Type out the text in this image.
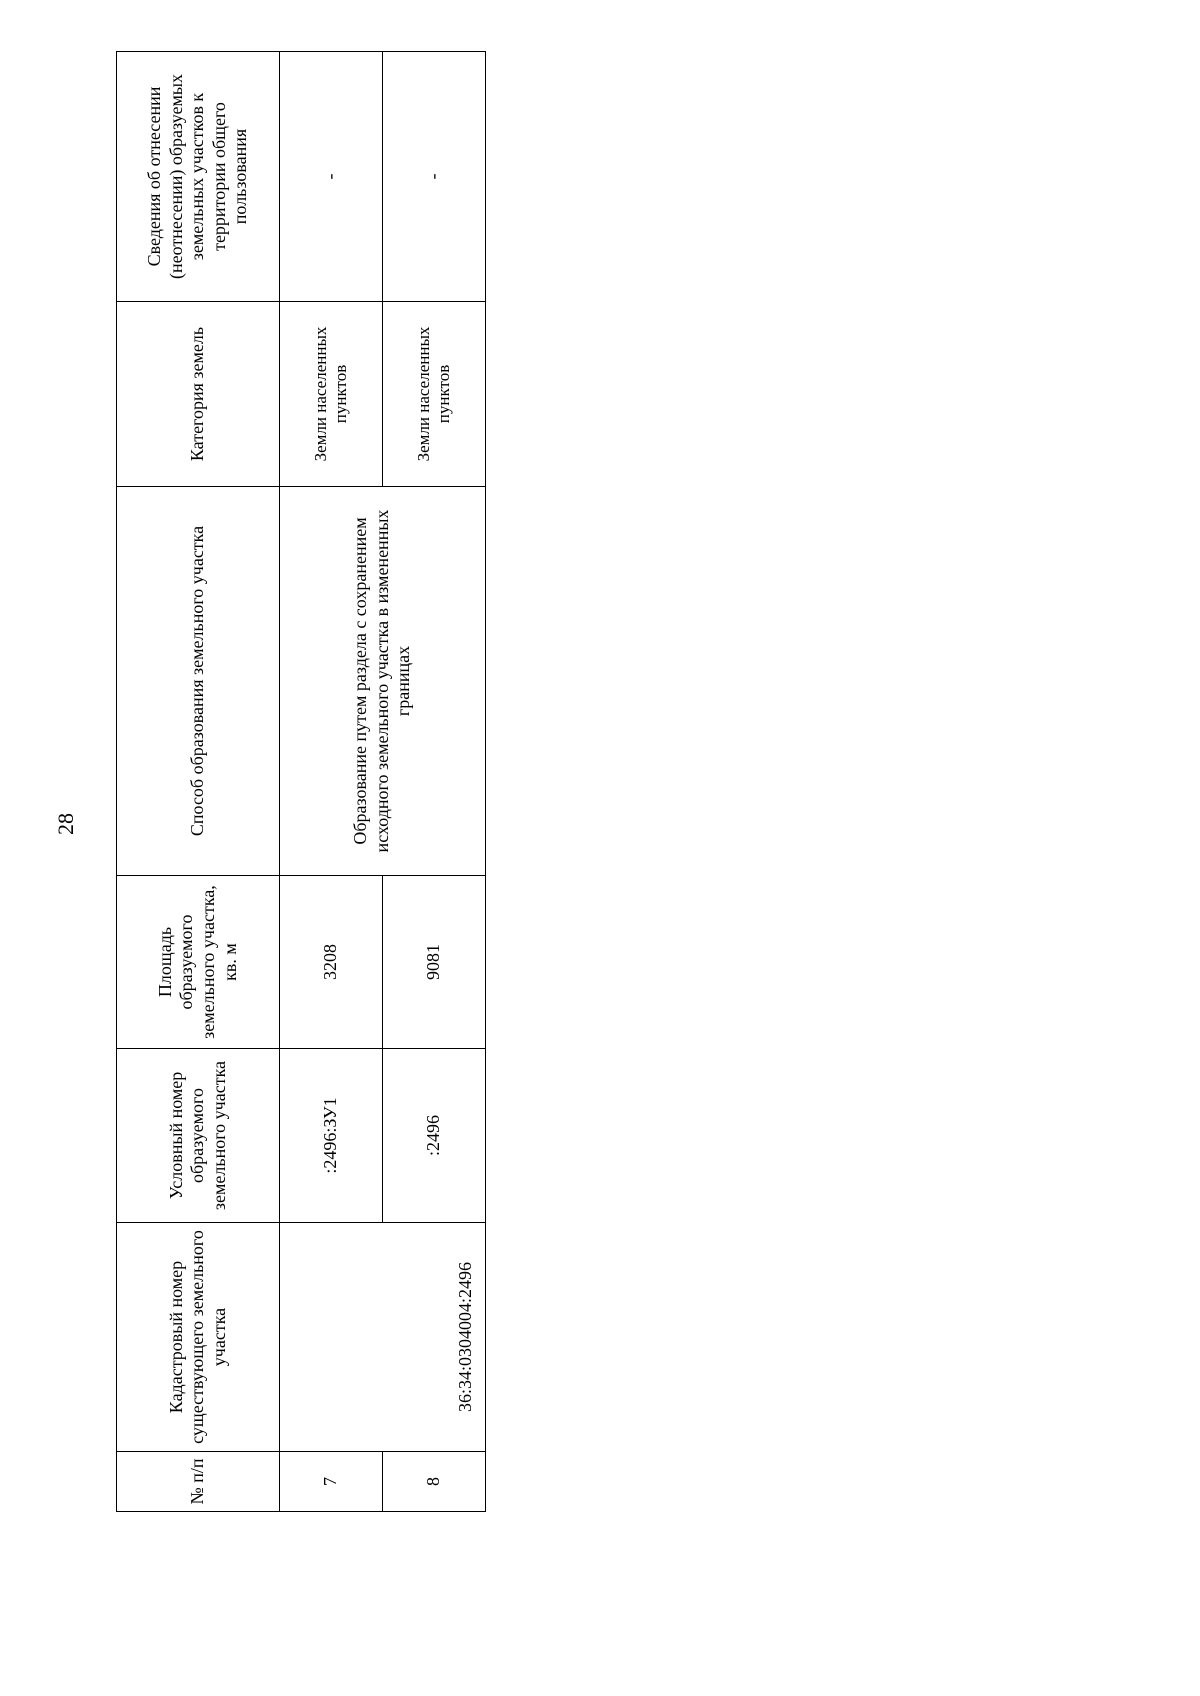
28
№ п/п	Кадастровый номер существующего земельного участка	Условный номер образуемого земельного участка	Площадь образуемого земельного участка, кв. м	Способ образования земельного участка	Категория земель	Сведения об отнесении (неотнесении) образуемых земельных участков к территории общего пользования
7	36:34:0304004:2496	:2496:ЗУ1	3208	Образование путем раздела с сохранением исходного земельного участка в измененных границах	Земли населенных пунктов	-
8		:2496	9081		Земли населенных пунктов	-
